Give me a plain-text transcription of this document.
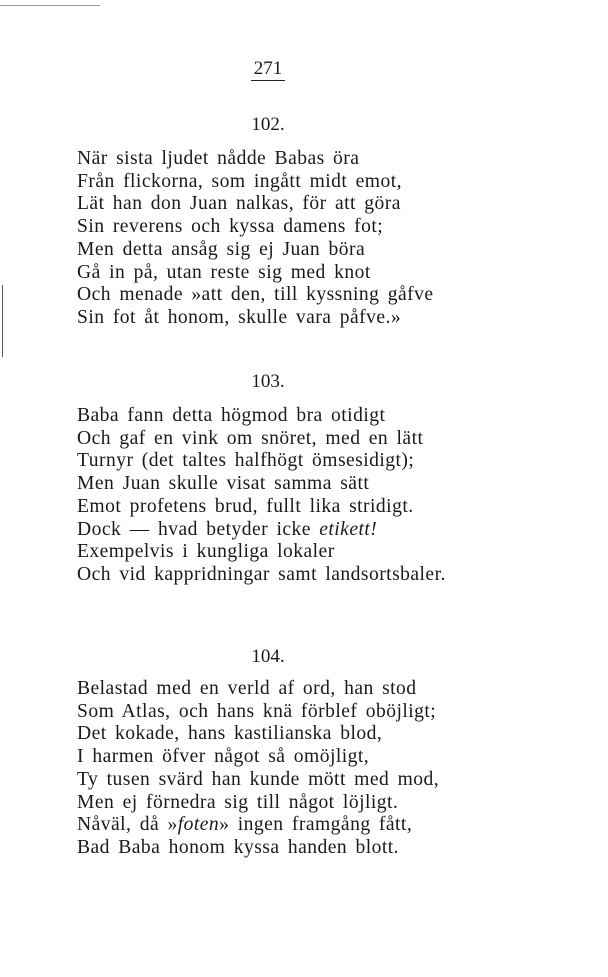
271
102.
När sista ljudet nådde Babas öra
Från flickorna, som ingått midt emot,
Lät han don Juan nalkas, för att göra
Sin reverens och kyssa damens fot;
Men detta ansåg sig ej Juan böra
Gå in på, utan reste sig med knot
Och menade »att den, till kyssning gåfve
Sin fot åt honom, skulle vara påfve.»
103.
Baba fann detta högmod bra otidigt
Och gaf en vink om snöret, med en lätt
Turnyr (det taltes halfhögt ömsesidigt);
Men Juan skulle visat samma sätt
Emot profetens brud, fullt lika stridigt.
Dock — hvad betyder icke etikett!
Exempelvis i kungliga lokaler
Och vid kappridningar samt landsortsbaler.
104.
Belastad med en verld af ord, han stod
Som Atlas, och hans knä förblef oböjligt;
Det kokade, hans kastilianska blod,
I harmen öfver något så omöjligt,
Ty tusen svärd han kunde mött med mod,
Men ej förnedra sig till något löjligt.
Nåväl, då »foten» ingen framgång fått,
Bad Baba honom kyssa handen blott.
